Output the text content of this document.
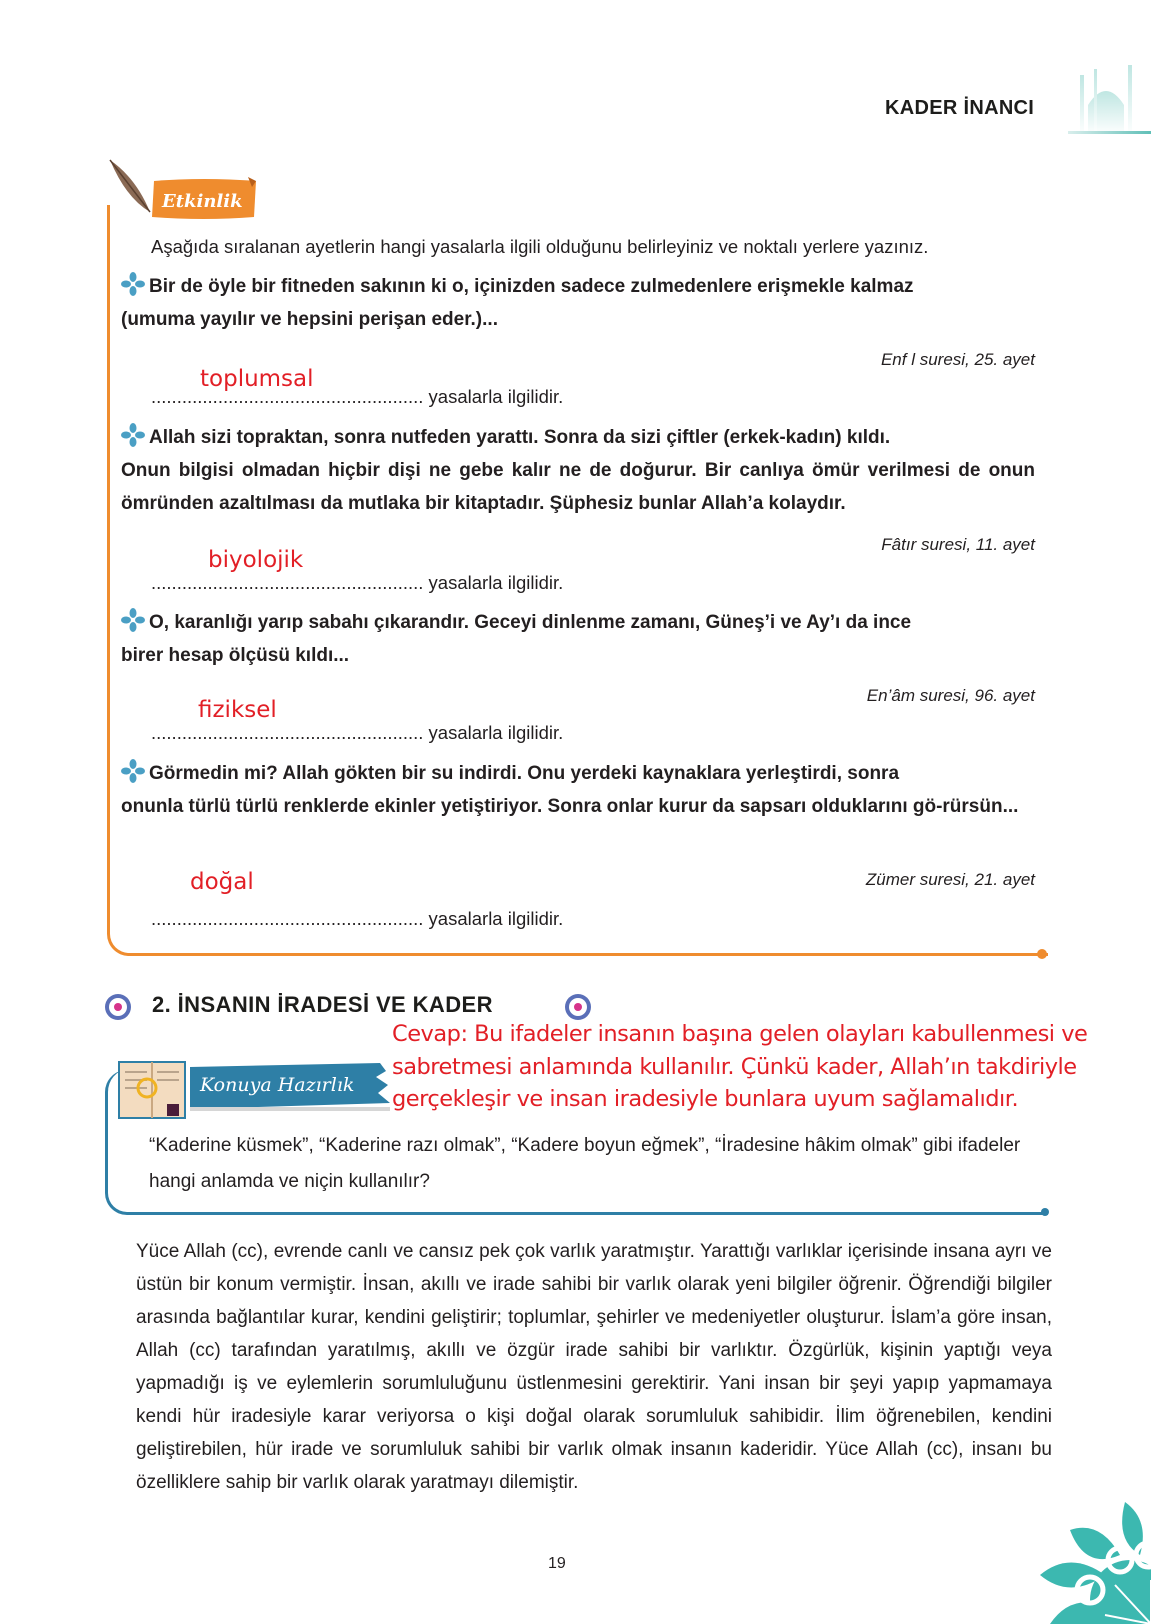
KADER İNANCI
Etkinlik
Aşağıda sıralanan ayetlerin hangi yasalarla ilgili olduğunu belirleyiniz ve noktalı yerlere yazınız.
Bir de öyle bir fitneden sakının ki o, içinizden sadece zulmedenlere erişmekle kalmaz
(umuma yayılır ve hepsini perişan eder.)...
Enf l suresi, 25. ayet
toplumsal
..................................................... yasalarla ilgilidir.
Allah sizi topraktan, sonra nutfeden yarattı. Sonra da sizi çiftler (erkek-kadın) kıldı.
Onun bilgisi olmadan hiçbir dişi ne gebe kalır ne de doğurur. Bir canlıya ömür verilmesi de onun ömründen azaltılması da mutlaka bir kitaptadır. Şüphesiz bunlar Allah’a kolaydır.
Fâtır suresi, 11. ayet
biyolojik
..................................................... yasalarla ilgilidir.
O, karanlığı yarıp sabahı çıkarandır. Geceyi dinlenme zamanı, Güneş’i ve Ay’ı da ince
birer hesap ölçüsü kıldı...
En’âm suresi, 96. ayet
fiziksel
..................................................... yasalarla ilgilidir.
Görmedin mi? Allah gökten bir su indirdi. Onu yerdeki kaynaklara yerleştirdi, sonra
onunla türlü türlü renklerde ekinler yetiştiriyor. Sonra onlar kurur da sapsarı olduklarını gö-rürsün...
Zümer suresi, 21. ayet
doğal
..................................................... yasalarla ilgilidir.
2. İNSANIN İRADESİ VE KADER
Cevap: Bu ifadeler insanın başına gelen olayları kabullenmesi ve sabretmesi anlamında kullanılır. Çünkü kader, Allah’ın takdiriyle gerçekleşir ve insan iradesiyle bunlara uyum sağlamalıdır.
Konuya Hazırlık
“Kaderine küsmek”, “Kaderine razı olmak”, “Kadere boyun eğmek”, “İradesine hâkim olmak” gibi ifadeler hangi anlamda ve niçin kullanılır?
Yüce Allah (cc), evrende canlı ve cansız pek çok varlık yaratmıştır. Yarattığı varlıklar içerisinde insana ayrı ve üstün bir konum vermiştir. İnsan, akıllı ve irade sahibi bir varlık olarak yeni bilgiler öğrenir. Öğrendiği bilgiler arasında bağlantılar kurar, kendini geliştirir; toplumlar, şehirler ve medeniyetler oluşturur. İslam’a göre insan, Allah (cc) tarafından yaratılmış, akıllı ve özgür irade sahibi bir varlıktır. Özgürlük, kişinin yaptığı veya yapmadığı iş ve eylemlerin sorumluluğunu üstlenmesini gerektirir. Yani insan bir şeyi yapıp yapmamaya kendi hür iradesiyle karar veriyorsa o kişi doğal olarak sorumluluk sahibidir. İlim öğrenebilen, kendini geliştirebilen, hür irade ve sorumluluk sahibi bir varlık olmak insanın kaderidir. Yüce Allah (cc), insanı bu özelliklere sahip bir varlık olarak yaratmayı dilemiştir.
19
